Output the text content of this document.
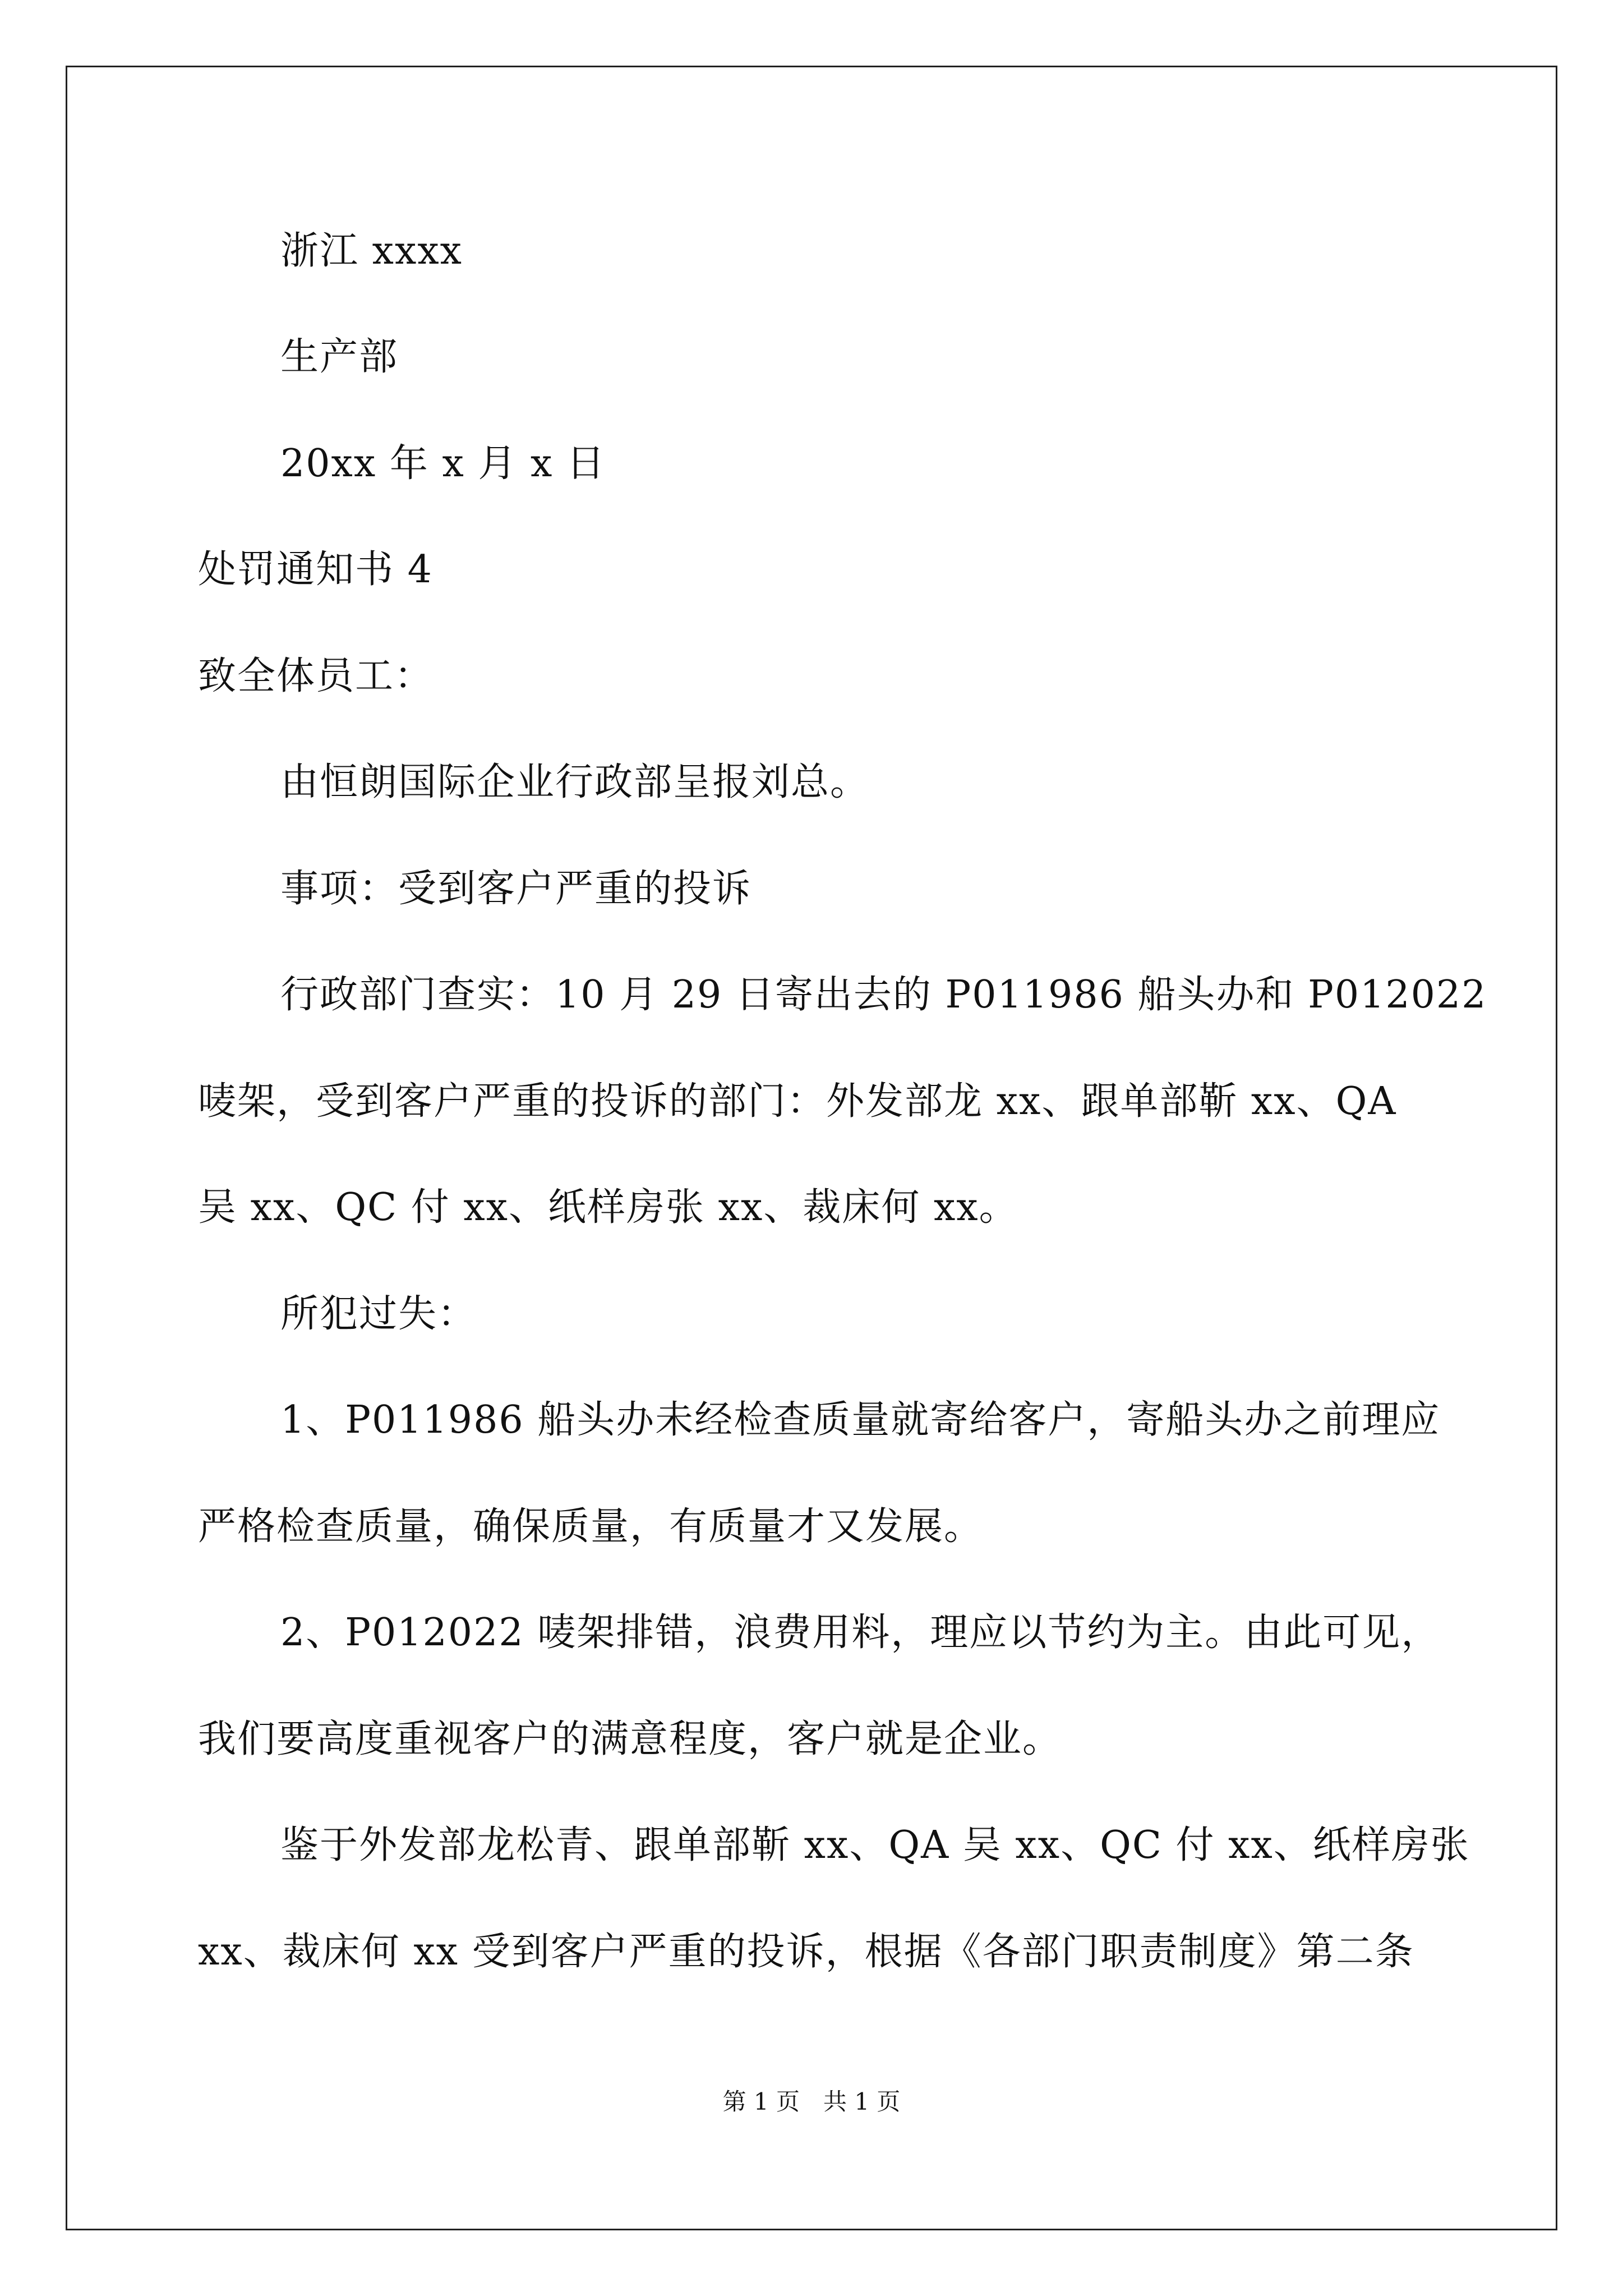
浙江 xxxx
生产部
20xx 年 x 月 x 日
处罚通知书 4
致全体员工：
由恒朗国际企业行政部呈报刘总。
事项：受到客户严重的投诉
行政部门查实：10 月 29 日寄出去的 P011986 船头办和 P012022
唛架，受到客户严重的投诉的部门：外发部龙 xx、跟单部靳 xx、QA
吴 xx、QC 付 xx、纸样房张 xx、裁床何 xx。
所犯过失：
1、P011986 船头办未经检查质量就寄给客户，寄船头办之前理应
严格检查质量，确保质量，有质量才又发展。
2、P012022 唛架排错，浪费用料，理应以节约为主。由此可见，
我们要高度重视客户的满意程度，客户就是企业。
鉴于外发部龙松青、跟单部靳 xx、QA 吴 xx、QC 付 xx、纸样房张
xx、裁床何 xx 受到客户严重的投诉，根据《各部门职责制度》第二条
第 1 页　共 1 页
